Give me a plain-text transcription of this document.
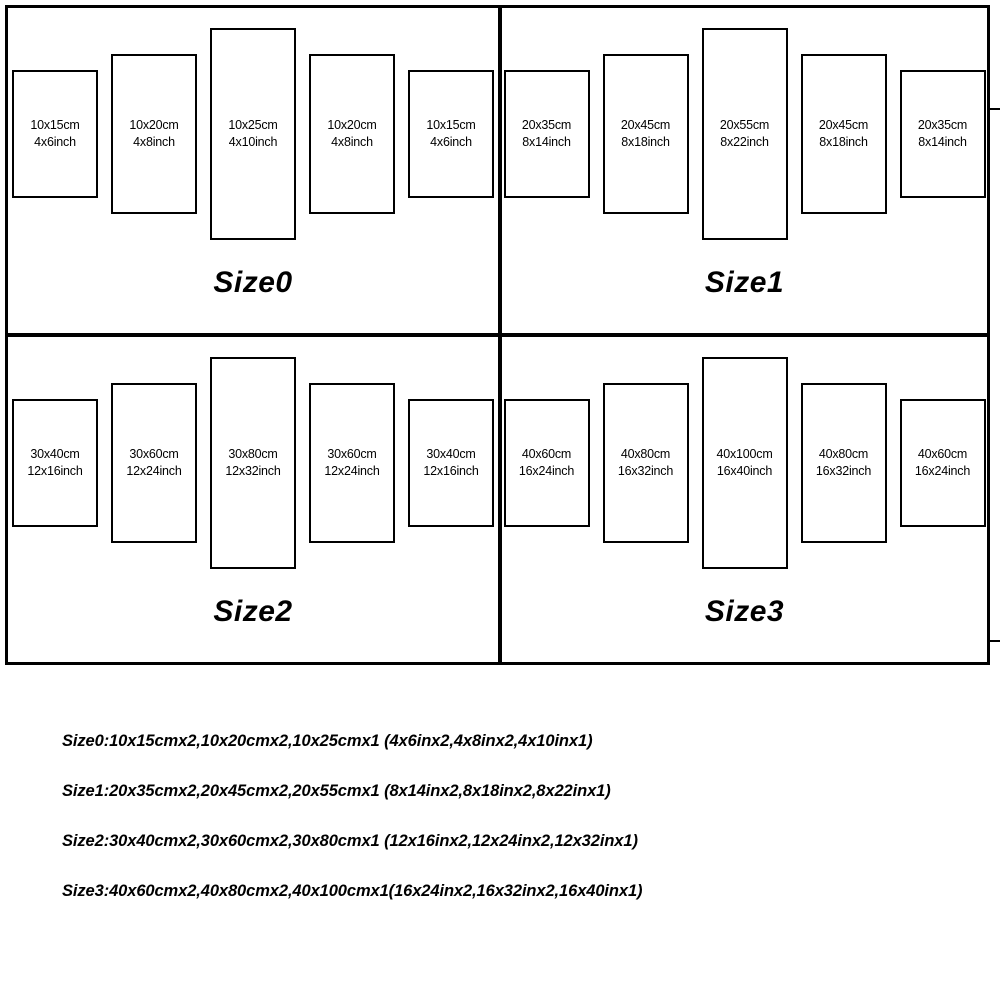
10x15cm
4x6inch
10x20cm
4x8inch
10x25cm
4x10inch
10x20cm
4x8inch
10x15cm
4x6inch
Size0
20x35cm
8x14inch
20x45cm
8x18inch
20x55cm
8x22inch
20x45cm
8x18inch
20x35cm
8x14inch
Size1
30x40cm
12x16inch
30x60cm
12x24inch
30x80cm
12x32inch
30x60cm
12x24inch
30x40cm
12x16inch
Size2
40x60cm
16x24inch
40x80cm
16x32inch
40x100cm
16x40inch
40x80cm
16x32inch
40x60cm
16x24inch
Size3
Size0:10x15cmx2,10x20cmx2,10x25cmx1 (4x6inx2,4x8inx2,4x10inx1)
Size1:20x35cmx2,20x45cmx2,20x55cmx1 (8x14inx2,8x18inx2,8x22inx1)
Size2:30x40cmx2,30x60cmx2,30x80cmx1 (12x16inx2,12x24inx2,12x32inx1)
Size3:40x60cmx2,40x80cmx2,40x100cmx1(16x24inx2,16x32inx2,16x40inx1)
